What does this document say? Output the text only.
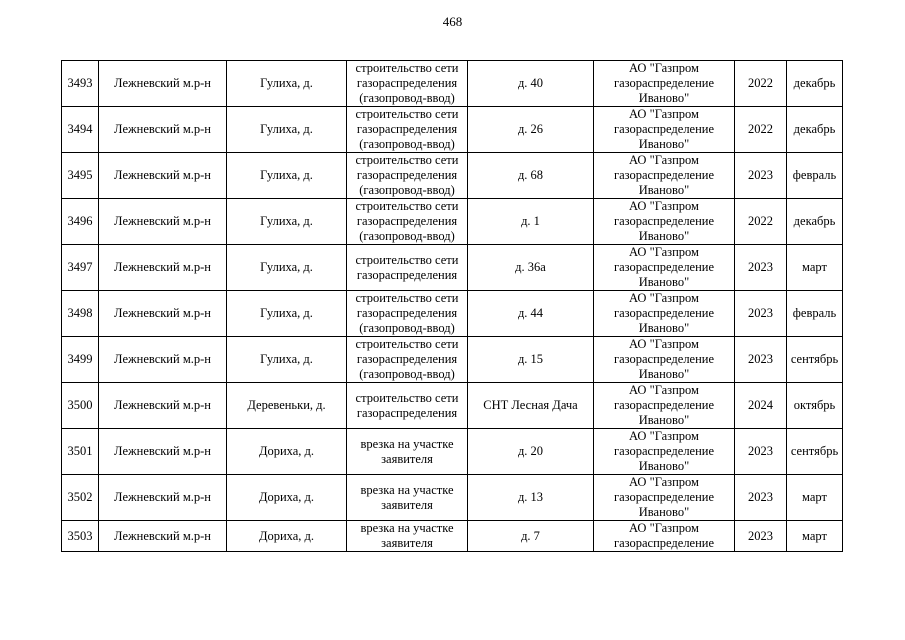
468
3493	Лежневский м.р-н	Гулиха, д.	строительство сети газораспределения (газопровод-ввод)	д. 40	АО "Газпром газораспределение Иваново"	2022	декабрь
3494	Лежневский м.р-н	Гулиха, д.	строительство сети газораспределения (газопровод-ввод)	д. 26	АО "Газпром газораспределение Иваново"	2022	декабрь
3495	Лежневский м.р-н	Гулиха, д.	строительство сети газораспределения (газопровод-ввод)	д. 68	АО "Газпром газораспределение Иваново"	2023	февраль
3496	Лежневский м.р-н	Гулиха, д.	строительство сети газораспределения (газопровод-ввод)	д. 1	АО "Газпром газораспределение Иваново"	2022	декабрь
3497	Лежневский м.р-н	Гулиха, д.	строительство сети газораспределения	д. 36а	АО "Газпром газораспределение Иваново"	2023	март
3498	Лежневский м.р-н	Гулиха, д.	строительство сети газораспределения (газопровод-ввод)	д. 44	АО "Газпром газораспределение Иваново"	2023	февраль
3499	Лежневский м.р-н	Гулиха, д.	строительство сети газораспределения (газопровод-ввод)	д. 15	АО "Газпром газораспределение Иваново"	2023	сентябрь
3500	Лежневский м.р-н	Деревеньки, д.	строительство сети газораспределения	СНТ Лесная Дача	АО "Газпром газораспределение Иваново"	2024	октябрь
3501	Лежневский м.р-н	Дориха, д.	врезка на участке заявителя	д. 20	АО "Газпром газораспределение Иваново"	2023	сентябрь
3502	Лежневский м.р-н	Дориха, д.	врезка на участке заявителя	д. 13	АО "Газпром газораспределение Иваново"	2023	март
3503	Лежневский м.р-н	Дориха, д.	врезка на участке заявителя	д. 7	АО "Газпром газораспределение	2023	март
